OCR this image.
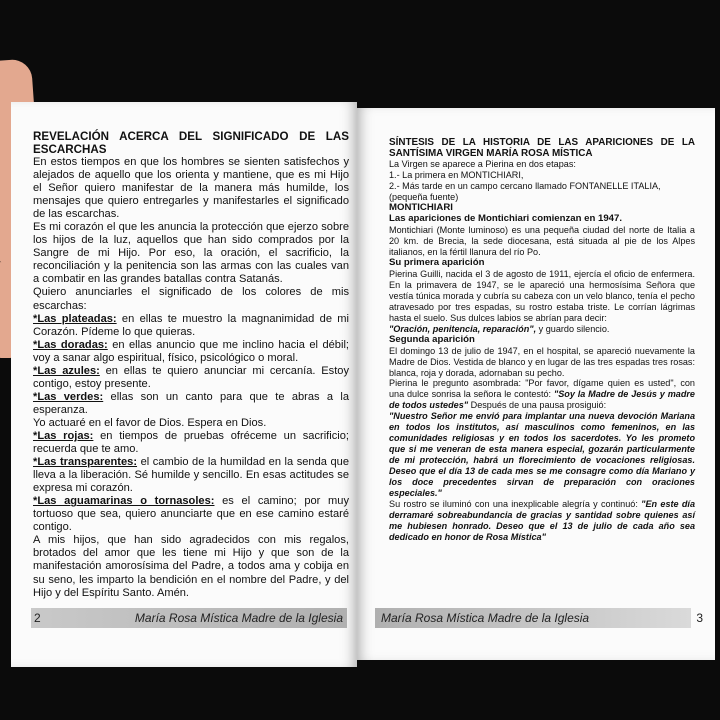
REVELACIÓN ACERCA DEL SIGNIFICADO DE LAS ESCARCHAS

En estos tiempos en que los hombres se sienten satisfechos y alejados de aquello que los orienta y mantiene, que es mi Hijo el Señor quiero manifestar de la manera más humilde, los mensajes que quiero entregarles y manifestarles el significado de las escarchas.

Es mi corazón el que les anuncia la protección que ejerzo sobre los hijos de la luz, aquellos que han sido comprados por la Sangre de mi Hijo. Por eso, la oración, el sacrificio, la reconciliación y la penitencia son las armas con las cuales van a combatir en las grandes batallas contra Satanás.

Quiero anunciarles el significado de los colores de mis escarchas:

*Las plateadas: en ellas te muestro la magnanimidad de mi Corazón. Pídeme lo que quieras.

*Las doradas: en ellas anuncio que me inclino hacia el débil; voy a sanar algo espiritual, físico, psicológico o moral.

*Las azules: en ellas te quiero anunciar mi cercanía. Estoy contigo, estoy presente.

*Las verdes: ellas son un canto para que te abras a la esperanza.

Yo actuaré en el favor de Dios. Espera en Dios.

*Las rojas: en tiempos de pruebas ofréceme un sacrificio; recuerda que te amo.

*Las transparentes: el cambio de la humildad en la senda que lleva a la liberación. Sé humilde y sencillo. En esas actitudes se expresa mi corazón.

*Las aguamarinas o tornasoles: es el camino; por muy tortuoso que sea, quiero anunciarte que en ese camino estaré contigo.

A mis hijos, que han sido agradecidos con mis regalos, brotados del amor que les tiene mi Hijo y que son de la manifestación amorosísima del Padre, a todos ama y cobija en su seno, les imparto la bendición en el nombre del Padre, y del Hijo y del Espíritu Santo. Amén.

2	María Rosa Mística Madre de la Iglesia

SÍNTESIS DE LA HISTORIA DE LAS APARICIONES DE LA SANTÍSIMA VIRGEN MARÍA ROSA MÍSTICA

La Virgen se aparece a Pierina en dos etapas:

1.- La primera en MONTICHIARI,

2.- Más tarde en un campo cercano llamado FONTANELLE ITALIA, (pequeña fuente)

MONTICHIARI

Las apariciones de Montichiari comienzan en 1947.

Montichiari (Monte luminoso) es una pequeña ciudad del norte de Italia a 20 km. de Brecia, la sede diocesana, está situada al pie de los Alpes italianos, en la fértil llanura del río Po.

Su primera aparición

Pierina Guilli, nacida el 3 de agosto de 1911, ejercía el oficio de enfermera. En la primavera de 1947, se le apareció una hermosísima Señora que vestía túnica morada y cubría su cabeza con un velo blanco, tenía el pecho atravesado por tres espadas, su rostro estaba triste. Le corrían lágrimas hasta el suelo. Sus dulces labios se abrían para decir:

"Oración, penitencia, reparación", y guardo silencio.

Segunda aparición

El domingo 13 de julio de 1947, en el hospital, se apareció nuevamente la Madre de Dios. Vestida de blanco y en lugar de las tres espadas tres rosas: blanca, roja y dorada, adornaban su pecho.

Pierina le pregunto asombrada: "Por favor, dígame quien es usted", con una dulce sonrisa la señora le contestó: "Soy la Madre de Jesús y madre de todos ustedes" Después de una pausa prosiguió:

"Nuestro Señor me envió para implantar una nueva devoción Mariana en todos los institutos, así masculinos como femeninos, en las comunidades religiosas y en todos los sacerdotes. Yo les prometo que si me veneran de esta manera especial, gozarán particularmente de mi protección, habrá un florecimiento de vocaciones religiosas. Deseo que el día 13 de cada mes se me consagre como día Mariano y los doce precedentes sirvan de preparación con oraciones especiales."

Su rostro se iluminó con una inexplicable alegría y continuó: "En este día derramaré sobreabundancia de gracias y santidad sobre quienes así me hubiesen honrado. Deseo que el 13 de julio de cada año sea dedicado en honor de Rosa Mística"

María Rosa Mística Madre de la Iglesia	3
